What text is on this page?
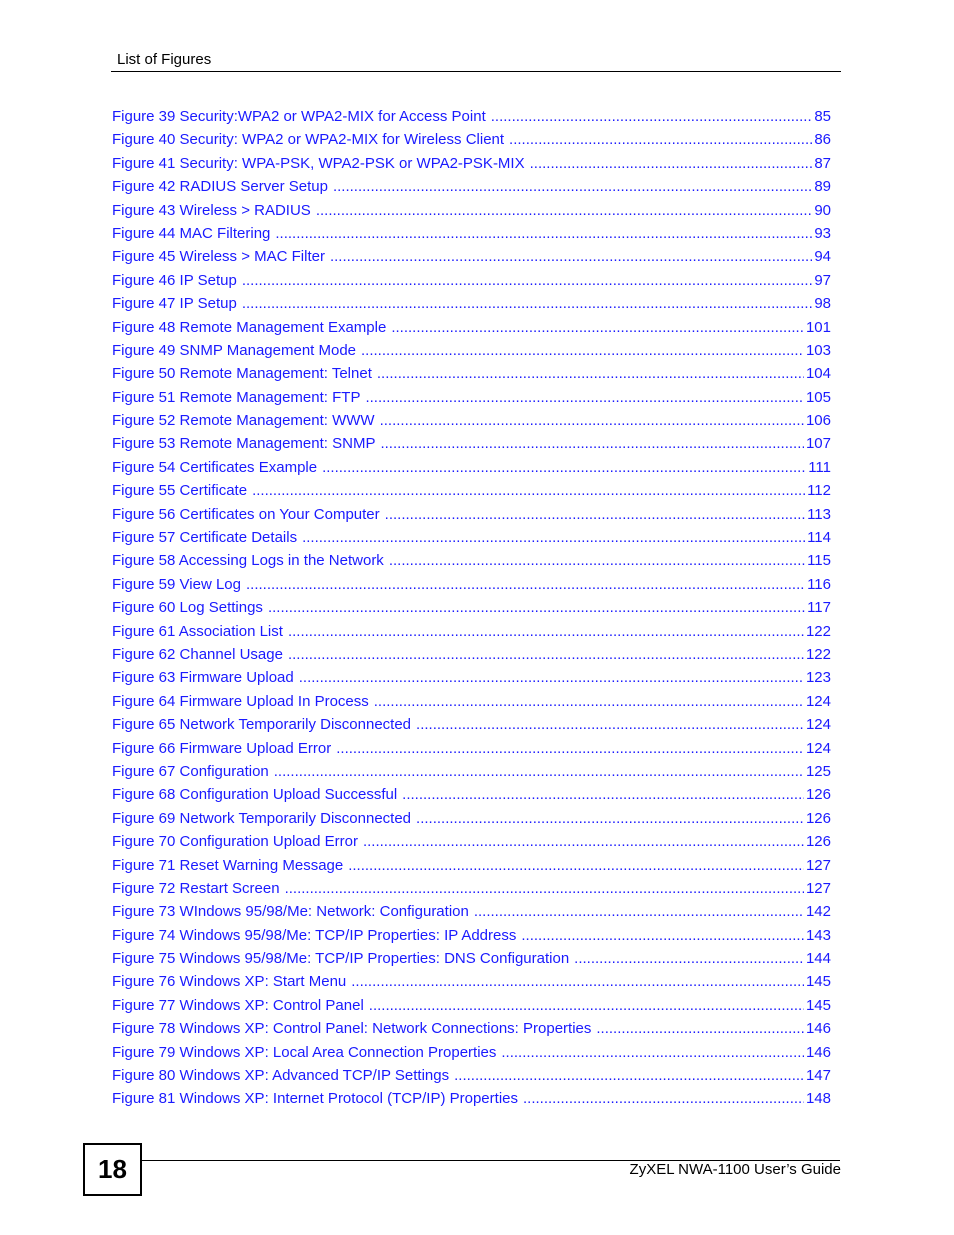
List of Figures
Figure 39 Security:WPA2 or WPA2-MIX for Access Point .....	85
Figure 40 Security: WPA2 or WPA2-MIX for Wireless Client .....	86
Figure 41 Security: WPA-PSK, WPA2-PSK or WPA2-PSK-MIX .....	87
Figure 42 RADIUS Server Setup .....	89
Figure 43 Wireless > RADIUS .....	90
Figure 44 MAC Filtering .....	93
Figure 45 Wireless > MAC Filter .....	94
Figure 46 IP Setup .....	97
Figure 47 IP Setup .....	98
Figure 48 Remote Management Example .....	101
Figure 49 SNMP Management Mode .....	103
Figure 50 Remote Management: Telnet .....	104
Figure 51 Remote Management: FTP .....	105
Figure 52 Remote Management: WWW .....	106
Figure 53 Remote Management: SNMP .....	107
Figure 54 Certificates Example .....	111
Figure 55 Certificate .....	112
Figure 56 Certificates on Your Computer .....	113
Figure 57 Certificate Details .....	114
Figure 58 Accessing Logs in the Network .....	115
Figure 59 View Log .....	116
Figure 60 Log Settings .....	117
Figure 61 Association List .....	122
Figure 62 Channel Usage .....	122
Figure 63 Firmware Upload .....	123
Figure 64 Firmware Upload In Process .....	124
Figure 65 Network Temporarily Disconnected .....	124
Figure 66 Firmware Upload Error .....	124
Figure 67 Configuration .....	125
Figure 68 Configuration Upload Successful .....	126
Figure 69 Network Temporarily Disconnected .....	126
Figure 70 Configuration Upload Error .....	126
Figure 71 Reset Warning Message .....	127
Figure 72 Restart Screen .....	127
Figure 73 WIndows 95/98/Me: Network: Configuration .....	142
Figure 74 Windows 95/98/Me: TCP/IP Properties: IP Address .....	143
Figure 75 Windows 95/98/Me: TCP/IP Properties: DNS Configuration .....	144
Figure 76 Windows XP: Start Menu .....	145
Figure 77 Windows XP: Control Panel .....	145
Figure 78 Windows XP: Control Panel: Network Connections: Properties .....	146
Figure 79 Windows XP: Local Area Connection Properties .....	146
Figure 80 Windows XP: Advanced TCP/IP Settings .....	147
Figure 81 Windows XP: Internet Protocol (TCP/IP) Properties .....	148
18	ZyXEL NWA-1100 User’s Guide
